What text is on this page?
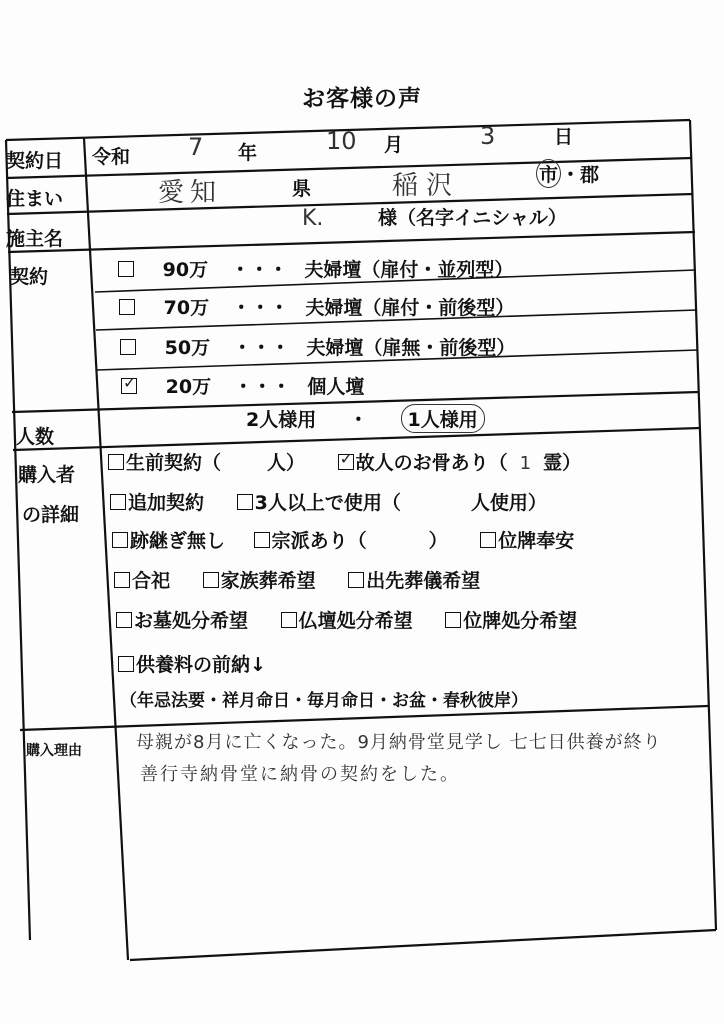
お客様の声
契約日 令和 7 年	10 月	3	日
住まい	愛知	県	稲沢	市 ・郡
施主名
K.	様（名字イニシャル）
契約	90万 ・・・ 夫婦壇（扉付・並列型）
70万 ・・・ 夫婦壇（扉付・前後型）
50万 ・・・ 夫婦壇（扉無・前後型）
✓ 20万 ・・・ 個人壇
人数
2人様用 ・ 1人様用
購入者
の詳細
生前契約（ 人） ✓	故人のお骨あり（ 1 霊）
追加契約	3人以上で使用（	人使用）
跡継ぎ無し 宗派あり（	）	位牌奉安
合祀	家族葬希望	出先葬儀希望
お墓処分希望	仏壇処分希望	位牌処分希望
供養料の前納↓
（年忌法要・祥月命日・毎月命日・お盆・春秋彼岸）
購入理由	母親が8月に亡くなった。9月納骨堂見学し 七七日供養が終り
善行寺納骨堂に納骨の契約をした。
